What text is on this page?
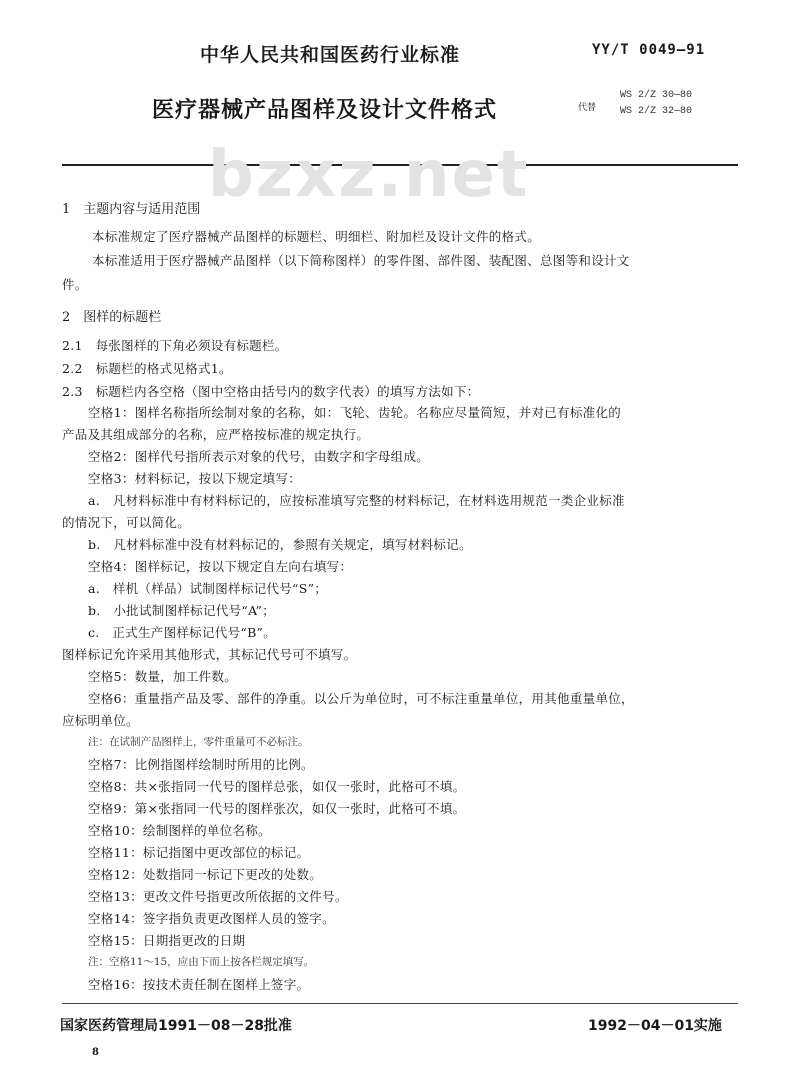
中华人民共和国医药行业标准	YY/T 0049—91
医疗器械产品图样及设计文件格式	代替
WS 2/Z 30—80
WS 2/Z 32—80
bzxz.net
1　主题内容与适用范围
本标准规定了医疗器械产品图样的标题栏、明细栏、附加栏及设计文件的格式。
本标准适用于医疗器械产品图样（以下简称图样）的零件图、部件图、装配图、总图等和设计文
件。
2　图样的标题栏
2.1　每张图样的下角必须设有标题栏。
2.2　标题栏的格式见格式1。
2.3　标题栏内各空格（图中空格由括号内的数字代表）的填写方法如下：
空格1：图样名称指所绘制对象的名称，如：飞轮、齿轮。名称应尽量简短，并对已有标准化的
产品及其组成部分的名称，应严格按标准的规定执行。
空格2：图样代号指所表示对象的代号，由数字和字母组成。
空格3：材料标记，按以下规定填写：
a.　凡材料标准中有材料标记的，应按标准填写完整的材料标记，在材料选用规范一类企业标准
的情况下，可以简化。
b.　凡材料标准中没有材料标记的，参照有关规定，填写材料标记。
空格4：图样标记，按以下规定自左向右填写：
a.　样机（样品）试制图样标记代号“S”；
b.　小批试制图样标记代号“A”；
c.　正式生产图样标记代号“B”。
图样标记允许采用其他形式，其标记代号可不填写。
空格5：数量，加工件数。
空格6：重量指产品及零、部件的净重。以公斤为单位时，可不标注重量单位，用其他重量单位，
应标明单位。
注：在试制产品图样上，零件重量可不必标注。
空格7：比例指图样绘制时所用的比例。
空格8：共×张指同一代号的图样总张，如仅一张时，此格可不填。
空格9：第×张指同一代号的图样张次，如仅一张时，此格可不填。
空格10：绘制图样的单位名称。
空格11：标记指图中更改部位的标记。
空格12：处数指同一标记下更改的处数。
空格13：更改文件号指更改所依据的文件号。
空格14：签字指负责更改图样人员的签字。
空格15：日期指更改的日期
注：空格11～15，应由下而上按各栏规定填写。
空格16：按技术责任制在图样上签字。
国家医药管理局1991－08－28批准	1992－04－01实施
8
